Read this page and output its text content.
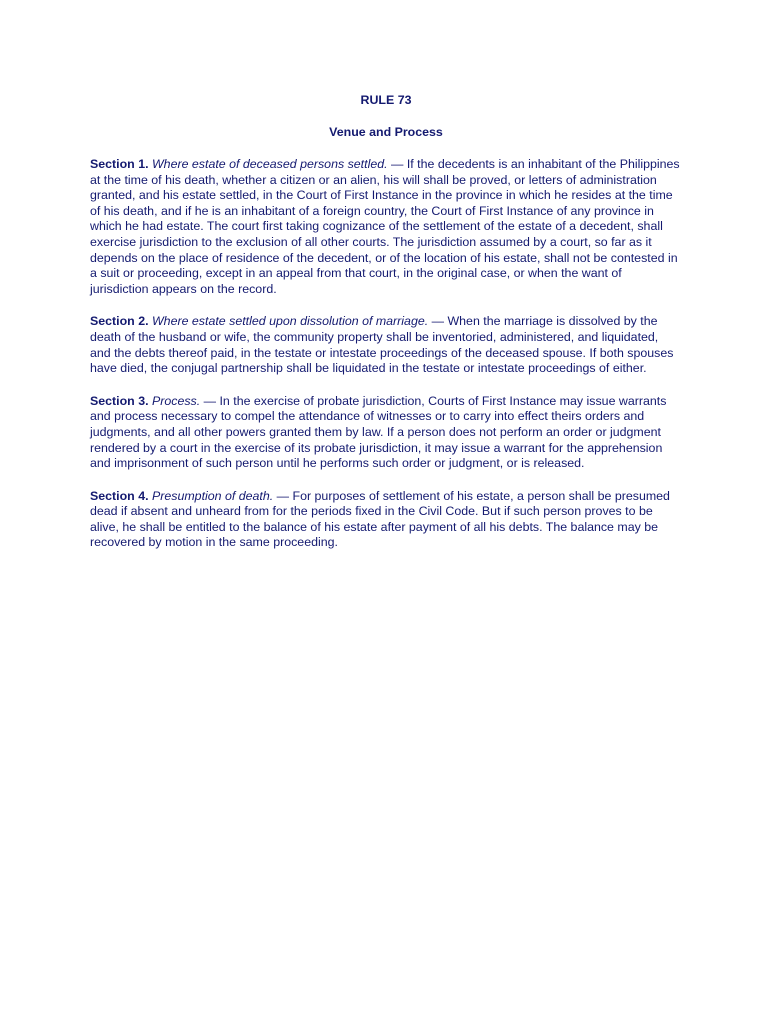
RULE 73
Venue and Process

Section 1. Where estate of deceased persons settled. — If the decedents is an inhabitant of the Philippines at the time of his death, whether a citizen or an alien, his will shall be proved, or letters of administration granted, and his estate settled, in the Court of First Instance in the province in which he resides at the time of his death, and if he is an inhabitant of a foreign country, the Court of First Instance of any province in which he had estate. The court first taking cognizance of the settlement of the estate of a decedent, shall exercise jurisdiction to the exclusion of all other courts. The jurisdiction assumed by a court, so far as it depends on the place of residence of the decedent, or of the location of his estate, shall not be contested in a suit or proceeding, except in an appeal from that court, in the original case, or when the want of jurisdiction appears on the record.

Section 2. Where estate settled upon dissolution of marriage. — When the marriage is dissolved by the death of the husband or wife, the community property shall be inventoried, administered, and liquidated, and the debts thereof paid, in the testate or intestate proceedings of the deceased spouse. If both spouses have died, the conjugal partnership shall be liquidated in the testate or intestate proceedings of either.

Section 3. Process. — In the exercise of probate jurisdiction, Courts of First Instance may issue warrants and process necessary to compel the attendance of witnesses or to carry into effect theirs orders and judgments, and all other powers granted them by law. If a person does not perform an order or judgment rendered by a court in the exercise of its probate jurisdiction, it may issue a warrant for the apprehension and imprisonment of such person until he performs such order or judgment, or is released.

Section 4. Presumption of death. — For purposes of settlement of his estate, a person shall be presumed dead if absent and unheard from for the periods fixed in the Civil Code. But if such person proves to be alive, he shall be entitled to the balance of his estate after payment of all his debts. The balance may be recovered by motion in the same proceeding.
